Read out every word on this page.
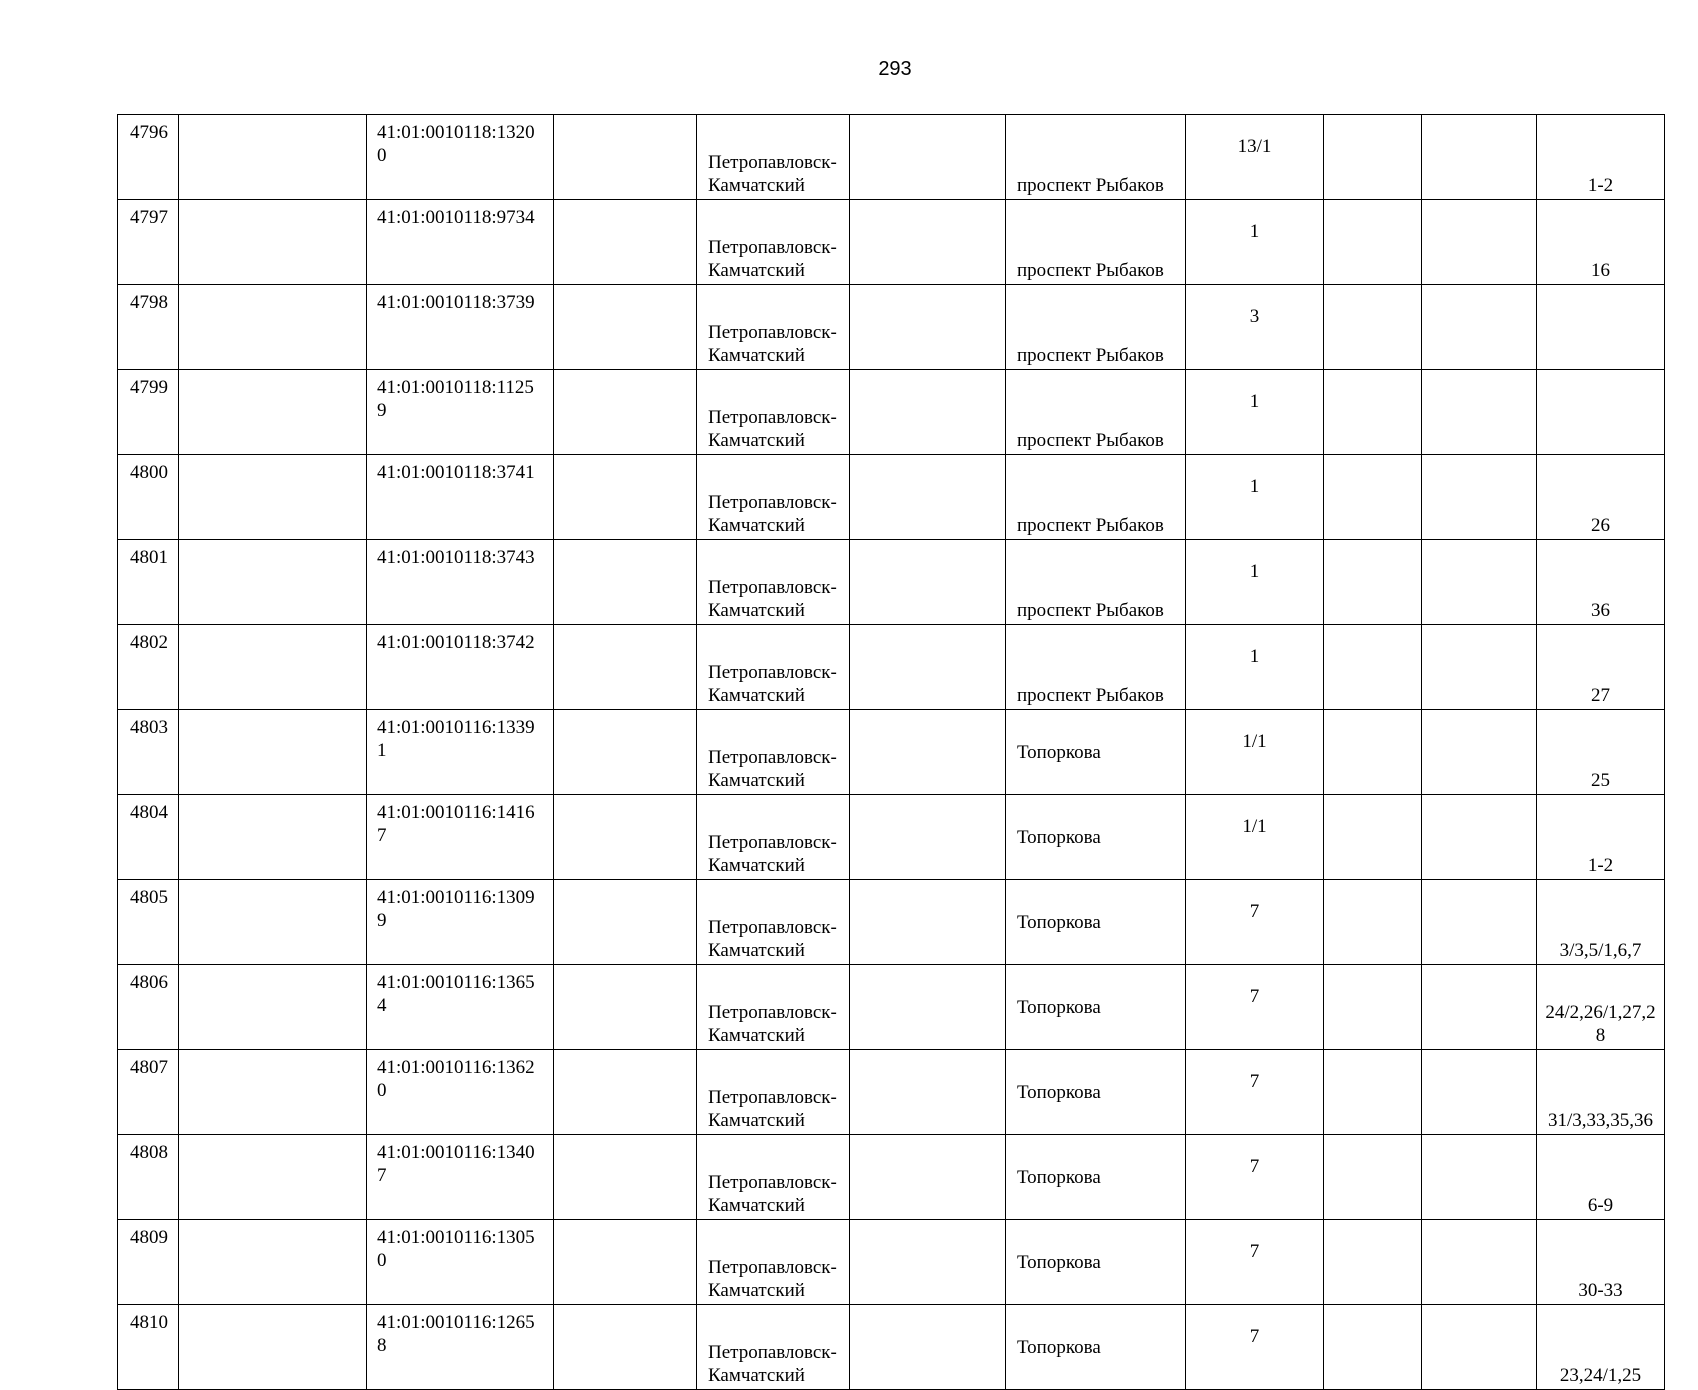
293
4796		41:01:0010118:13200		Петропавловск-Камчатский		проспект Рыбаков	13/1			1-2
4797		41:01:0010118:9734		Петропавловск-Камчатский		проспект Рыбаков	1			16
4798		41:01:0010118:3739		Петропавловск-Камчатский		проспект Рыбаков	3			
4799		41:01:0010118:11259		Петропавловск-Камчатский		проспект Рыбаков	1			
4800		41:01:0010118:3741		Петропавловск-Камчатский		проспект Рыбаков	1			26
4801		41:01:0010118:3743		Петропавловск-Камчатский		проспект Рыбаков	1			36
4802		41:01:0010118:3742		Петропавловск-Камчатский		проспект Рыбаков	1			27
4803		41:01:0010116:13391		Петропавловск-Камчатский		Топоркова	1/1			25
4804		41:01:0010116:14167		Петропавловск-Камчатский		Топоркова	1/1			1-2
4805		41:01:0010116:13099		Петропавловск-Камчатский		Топоркова	7			3/3,5/1,6,7
4806		41:01:0010116:13654		Петропавловск-Камчатский		Топоркова	7			24/2,26/1,27,28
4807		41:01:0010116:13620		Петропавловск-Камчатский		Топоркова	7			31/3,33,35,36
4808		41:01:0010116:13407		Петропавловск-Камчатский		Топоркова	7			6-9
4809		41:01:0010116:13050		Петропавловск-Камчатский		Топоркова	7			30-33
4810		41:01:0010116:12658		Петропавловск-Камчатский		Топоркова	7			23,24/1,25
